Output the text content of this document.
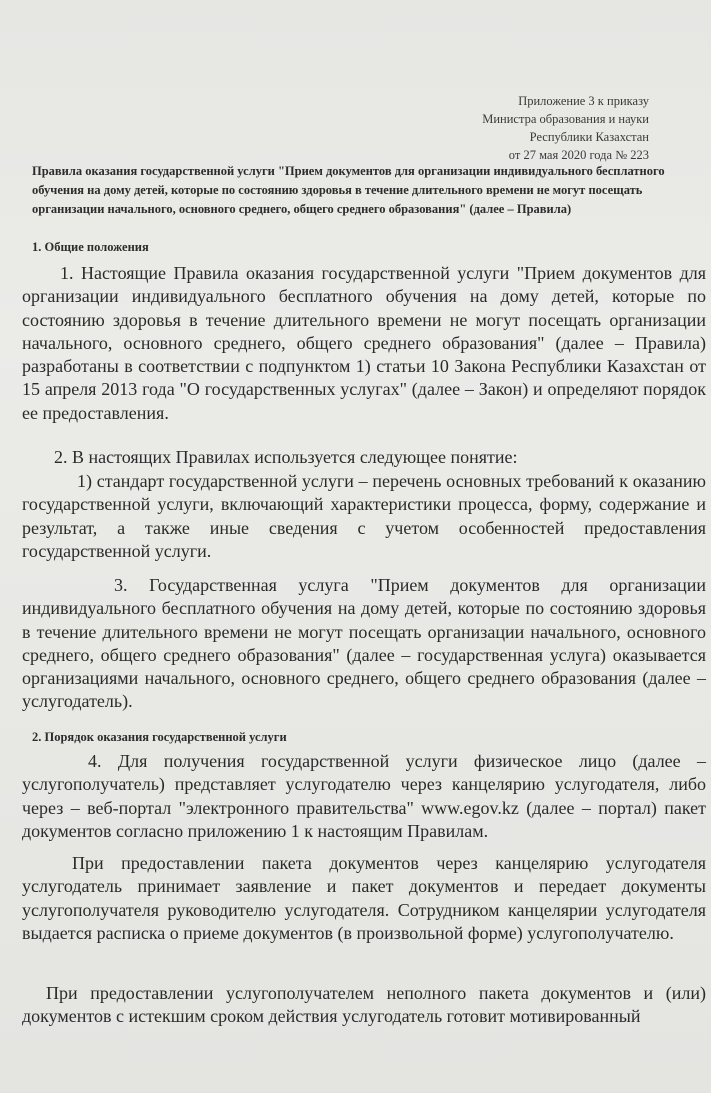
Приложение 3 к приказу
Министра образования и науки
Республики Казахстан
от 27 мая 2020 года № 223
Правила оказания государственной услуги "Прием документов для организации индивидуального бесплатного обучения на дому детей, которые по состоянию здоровья в течение длительного времени не могут посещать организации начального, основного среднего, общего среднего образования" (далее – Правила)
1. Общие положения
1. Настоящие Правила оказания государственной услуги "Прием документов для организации индивидуального бесплатного обучения на дому детей, которые по состоянию здоровья в течение длительного времени не могут посещать организации начального, основного среднего, общего среднего образования" (далее – Правила) разработаны в соответствии с подпунктом 1) статьи 10 Закона Республики Казахстан от 15 апреля 2013 года "О государственных услугах" (далее – Закон) и определяют порядок ее предоставления.
2. В настоящих Правилах используется следующее понятие:
1) стандарт государственной услуги – перечень основных требований к оказанию государственной услуги, включающий характеристики процесса, форму, содержание и результат, а также иные сведения с учетом особенностей предоставления государственной услуги.
3. Государственная услуга "Прием документов для организации индивидуального бесплатного обучения на дому детей, которые по состоянию здоровья в течение длительного времени не могут посещать организации начального, основного среднего, общего среднего образования" (далее – государственная услуга) оказывается организациями начального, основного среднего, общего среднего образования (далее – услугодатель).
2. Порядок оказания государственной услуги
4. Для получения государственной услуги физическое лицо (далее – услугополучатель) представляет услугодателю через канцелярию услугодателя, либо через – веб-портал "электронного правительства" www.egov.kz (далее – портал) пакет документов согласно приложению 1 к настоящим Правилам.
При предоставлении пакета документов через канцелярию услугодателя услугодатель принимает заявление и пакет документов и передает документы услугополучателя руководителю услугодателя. Сотрудником канцелярии услугодателя выдается расписка о приеме документов (в произвольной форме) услугополучателю.
При предоставлении услугополучателем неполного пакета документов и (или) документов с истекшим сроком действия услугодатель готовит мотивированный
